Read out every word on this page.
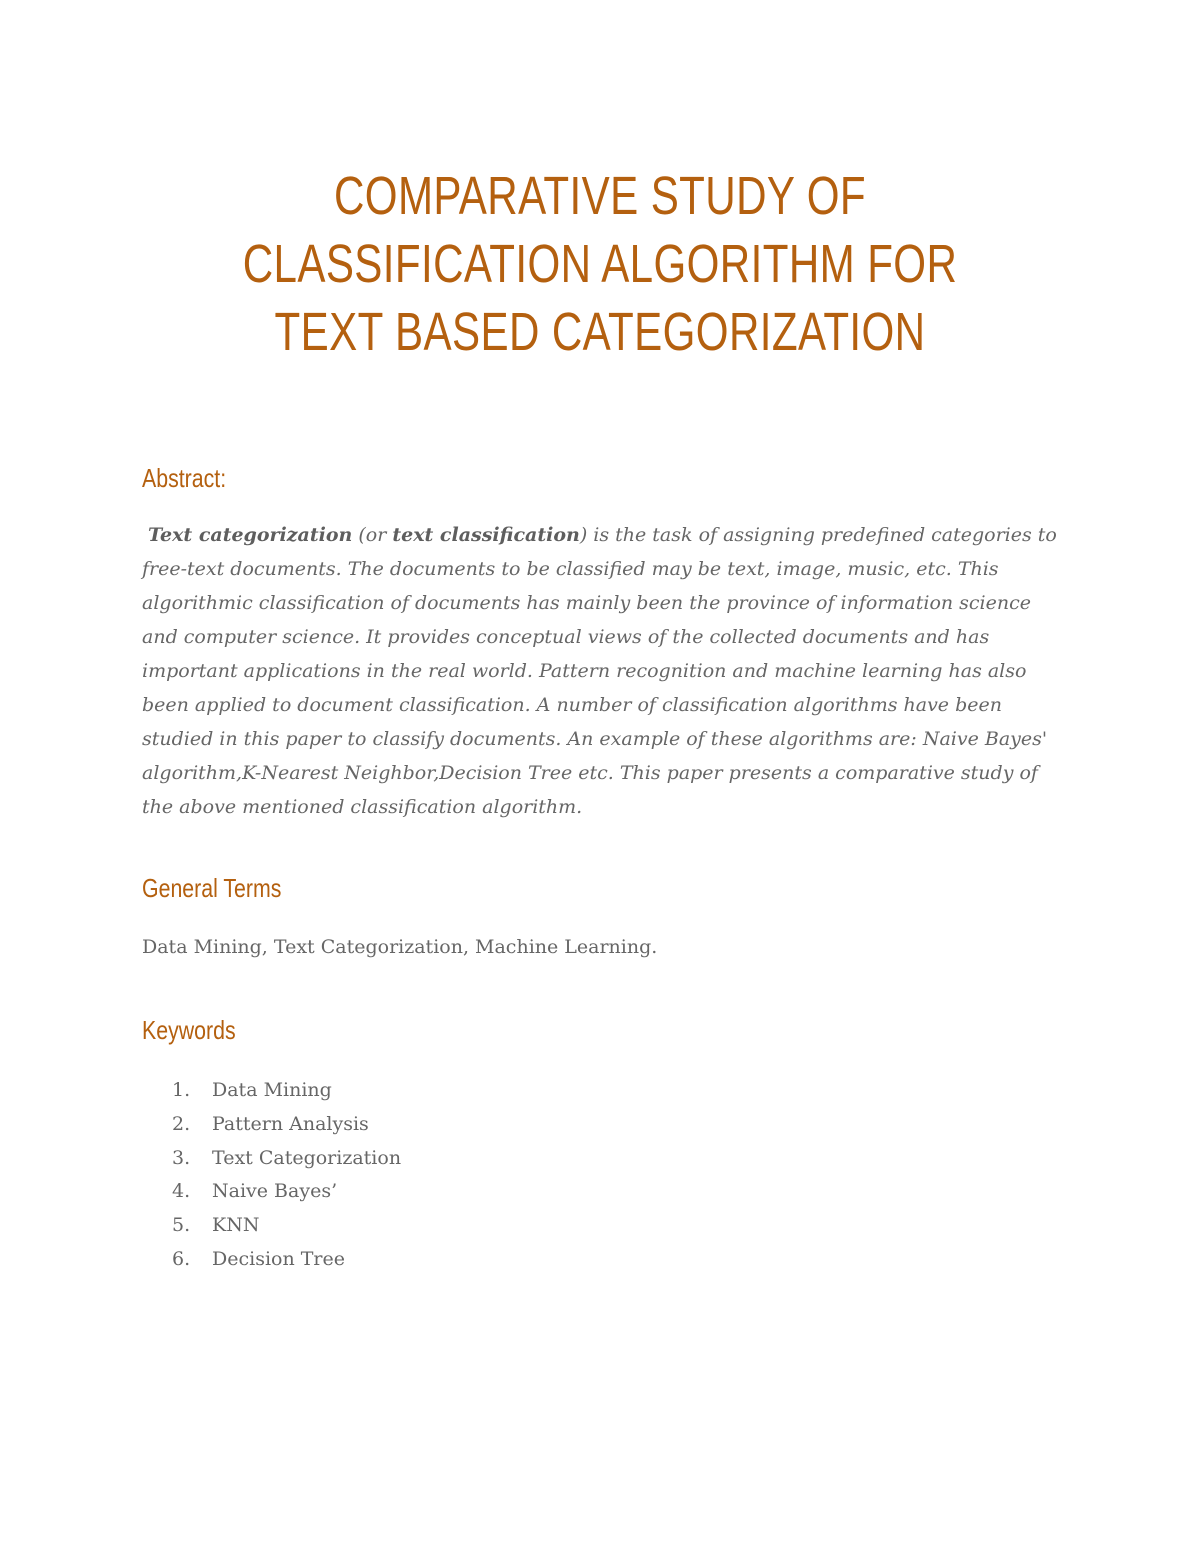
COMPARATIVE STUDY OF CLASSIFICATION ALGORITHM FOR TEXT BASED CATEGORIZATION
Abstract:

Text categorization (or text classification) is the task of assigning predefined categories to free-text documents. The documents to be classified may be text, image, music, etc. This algorithmic classification of documents has mainly been the province of information science and computer science. It provides conceptual views of the collected documents and has important applications in the real world. Pattern recognition and machine learning has also been applied to document classification. A number of classification algorithms have been studied in this paper to classify documents. An example of these algorithms are: Naive Bayes' algorithm,K-Nearest Neighbor,Decision Tree etc. This paper presents a comparative study of the above mentioned classification algorithm.

General Terms

Data Mining, Text Categorization, Machine Learning.

Keywords
1.	Data Mining
2.	Pattern Analysis
3.	Text Categorization
4.	Naive Bayes’
5.	KNN
6.	Decision Tree
